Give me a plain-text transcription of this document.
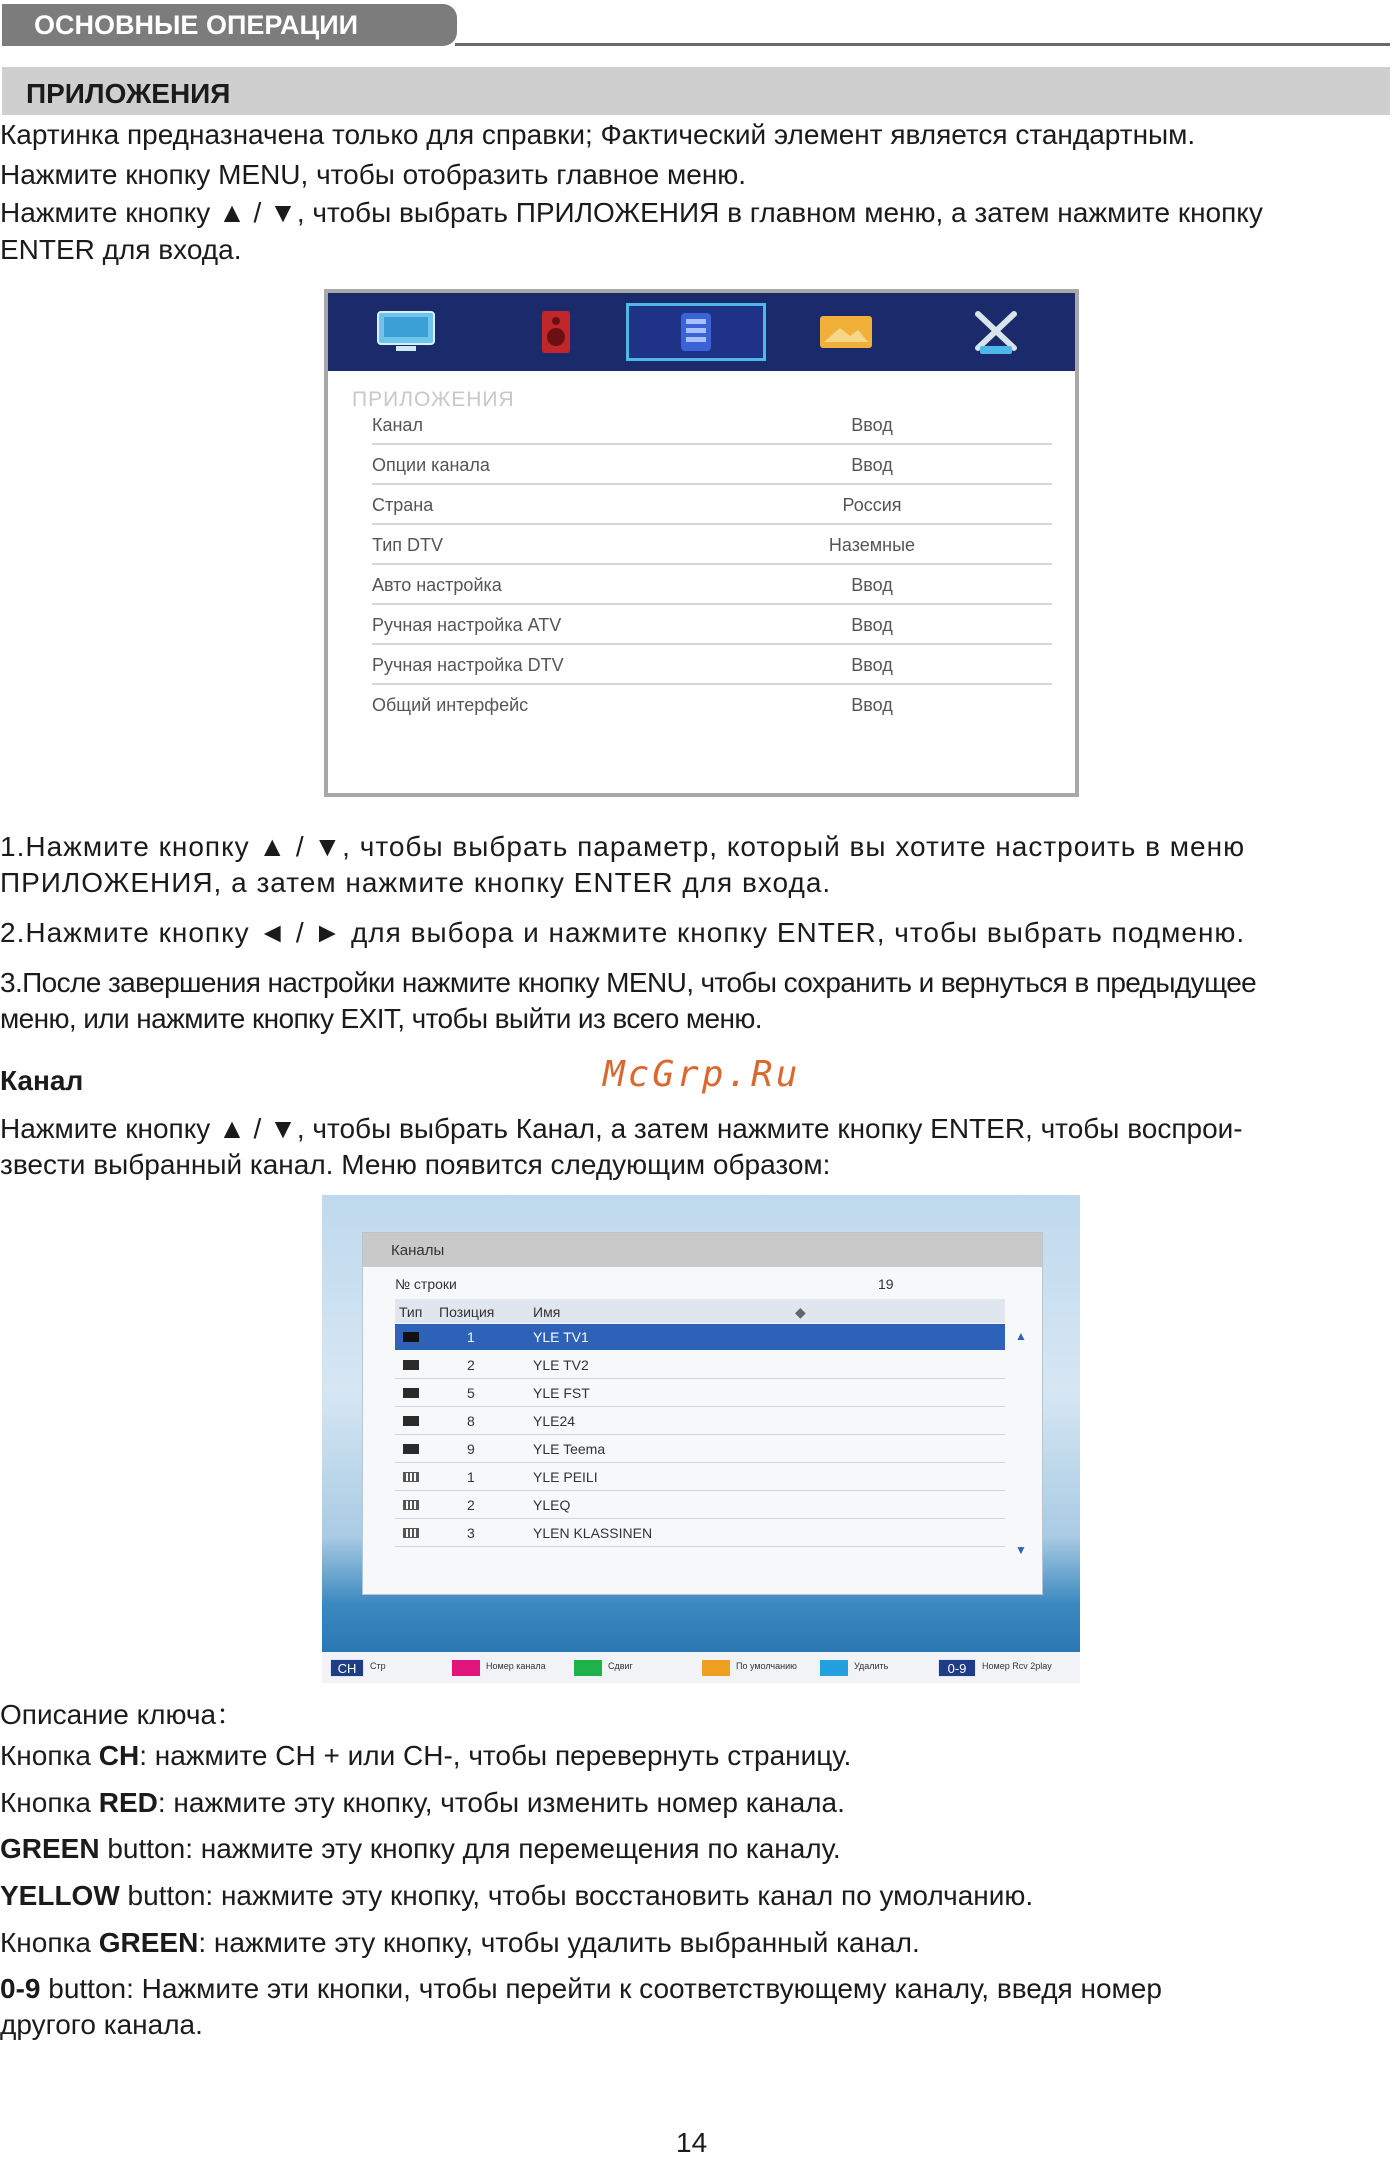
ОСНОВНЫЕ ОПЕРАЦИИ
ПРИЛОЖЕНИЯ
Картинка предназначена только для справки; Фактический элемент является стандартным.
Нажмите кнопку MENU, чтобы отобразить главное меню.
Нажмите кнопку ▲ / ▼, чтобы выбрать ПРИЛОЖЕНИЯ в главном меню, а затем нажмите кнопку
ENTER для входа.
ПРИЛОЖЕНИЯ
Канал	Ввод
Опции канала	Ввод
Страна	Россия
Тип DTV	Наземные
Авто настройка	Ввод
Ручная настройка ATV	Ввод
Ручная настройка DTV	Ввод
Общий интерфейс	Ввод
1.Нажмите кнопку ▲ / ▼, чтобы выбрать параметр, который вы хотите настроить в меню
ПРИЛОЖЕНИЯ, а затем нажмите кнопку ENTER для входа.
2.Нажмите кнопку ◄ / ► для выбора и нажмите кнопку ENTER, чтобы выбрать подменю.
3.После завершения настройки нажмите кнопку MENU, чтобы сохранить и вернуться в предыдущее
меню, или нажмите кнопку EXIT, чтобы выйти из всего меню.
Канал	McGrp.Ru
Нажмите кнопку ▲ / ▼, чтобы выбрать Канал, а затем нажмите кнопку ENTER, чтобы воспрои-
звести выбранный канал. Меню появится следующим образом:
Каналы
№ строки	19
Тип Позиция	Имя	◆
1	YLE TV1
2	YLE TV2
5	YLE FST
8	YLE24
9	YLE Teema
1	YLE PEILI
2	YLEQ
3	YLEN KLASSINEN
▲
▼
CH	Стр	Номер канала	Сдвиг	По умолчанию	Удалить	0-9	Номер Rcv 2play
Описание ключа：
Кнопка CH: нажмите CH + или CH-, чтобы перевернуть страницу.
Кнопка RED: нажмите эту кнопку, чтобы изменить номер канала.
GREEN button: нажмите эту кнопку для перемещения по каналу.
YELLOW button: нажмите эту кнопку, чтобы восстановить канал по умолчанию.
Кнопка GREEN: нажмите эту кнопку, чтобы удалить выбранный канал.
0-9 button: Нажмите эти кнопки, чтобы перейти к соответствующему каналу, введя номер
другого канала.
14
